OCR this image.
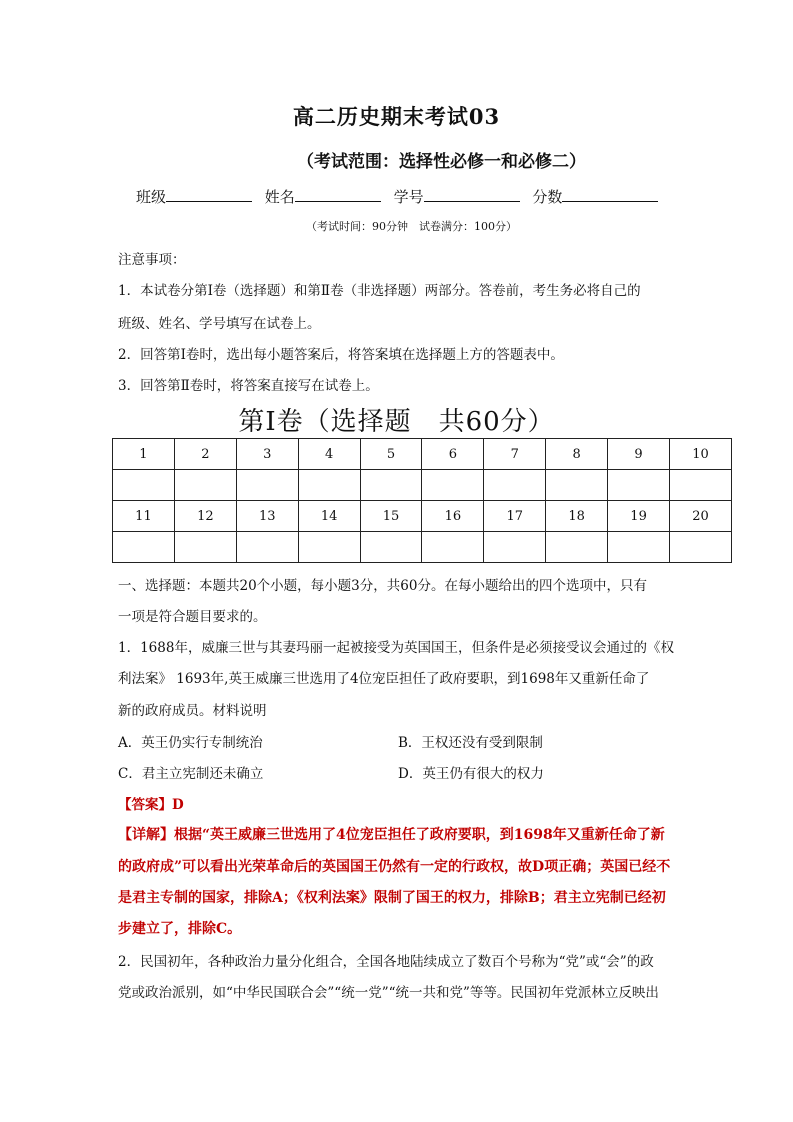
高二历史期末考试03
（考试范围：选择性必修一和必修二）
班级	姓名	学号	分数
（考试时间：90分钟　试卷满分：100分）
注意事项：
1．本试卷分第Ⅰ卷（选择题）和第Ⅱ卷（非选择题）两部分。答卷前，考生务必将自己的
班级、姓名、学号填写在试卷上。
2．回答第Ⅰ卷时，选出每小题答案后，将答案填在选择题上方的答题表中。
3．回答第Ⅱ卷时，将答案直接写在试卷上。
第Ⅰ卷（选择题　共60分）
1	2	3	4	5	6	7	8	9	10

11	12	13	14	15	16	17	18	19	20

一、选择题：本题共20个小题，每小题3分，共60分。在每小题给出的四个选项中，只有
一项是符合题目要求的。
1．1688年，威廉三世与其妻玛丽一起被接受为英国国王，但条件是必须接受议会通过的《权
利法案》 1693年,英王威廉三世选用了4位宠臣担任了政府要职，到1698年又重新任命了
新的政府成员。材料说明
A．英王仍实行专制统治	B．王权还没有受到限制
C．君主立宪制还未确立	D．英王仍有很大的权力
【答案】D
【详解】根据“英王威廉三世选用了4位宠臣担任了政府要职，到1698年又重新任命了新
的政府成”可以看出光荣革命后的英国国王仍然有一定的行政权，故D项正确；英国已经不
是君主专制的国家，排除A；《权利法案》限制了国王的权力，排除B；君主立宪制已经初
步建立了，排除C。
2．民国初年，各种政治力量分化组合，全国各地陆续成立了数百个号称为“党”或“会”的政
党或政治派别，如“中华民国联合会”“统一党”“统一共和党”等等。民国初年党派林立反映出
